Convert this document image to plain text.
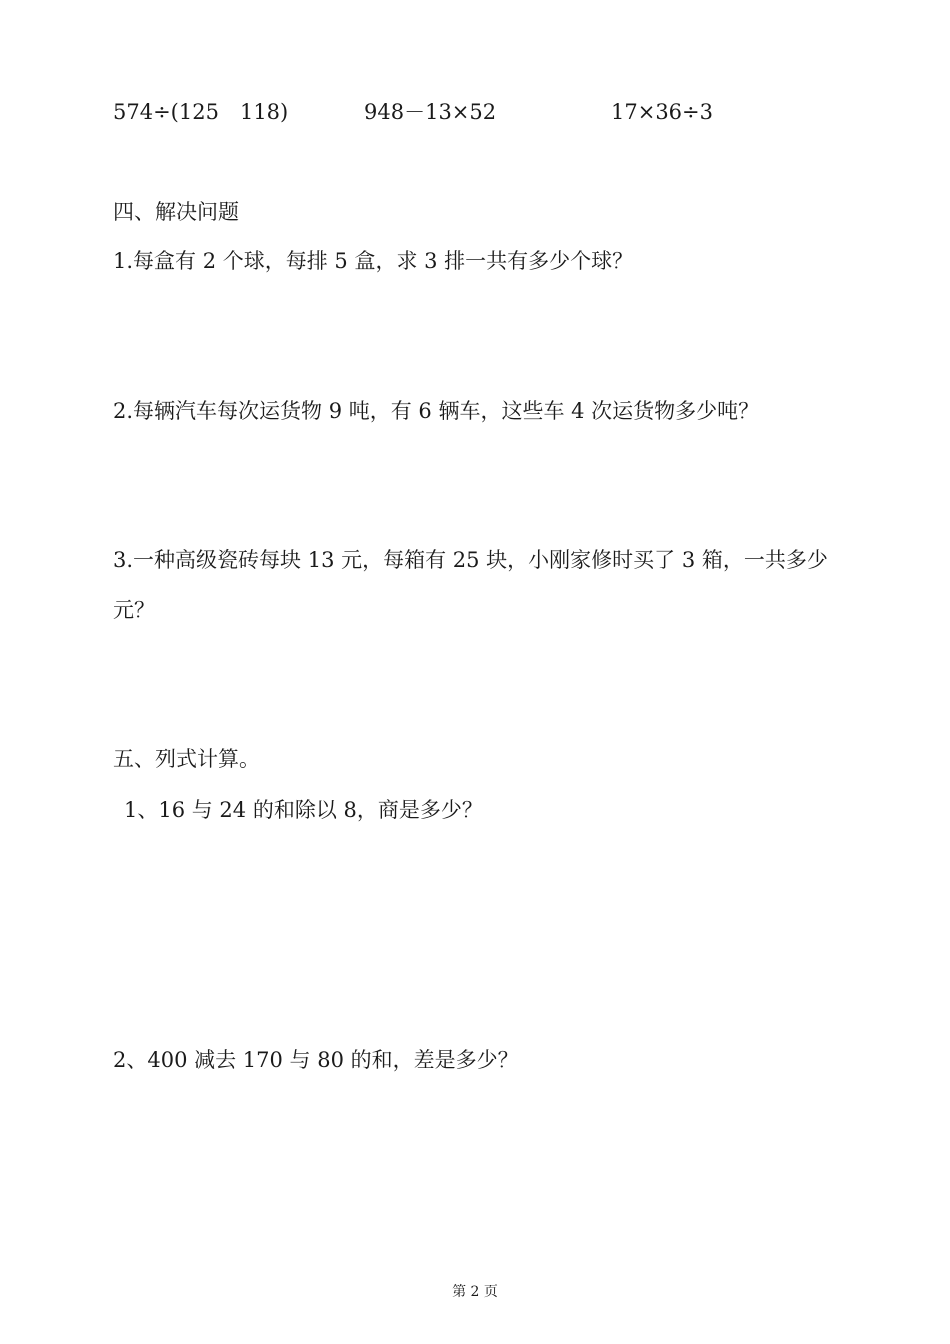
574÷(125　118)	948－13×52	17×36÷3
四、解决问题
1.每盒有 2 个球，每排 5 盒，求 3 排一共有多少个球？
2.每辆汽车每次运货物 9 吨，有 6 辆车，这些车 4 次运货物多少吨？
3.一种高级瓷砖每块 13 元，每箱有 25 块，小刚家修时买了 3 箱，一共多少
元？
五、列式计算。
1、16 与 24 的和除以 8，商是多少？
2、400 减去 170 与 80 的和，差是多少？
第 2 页
